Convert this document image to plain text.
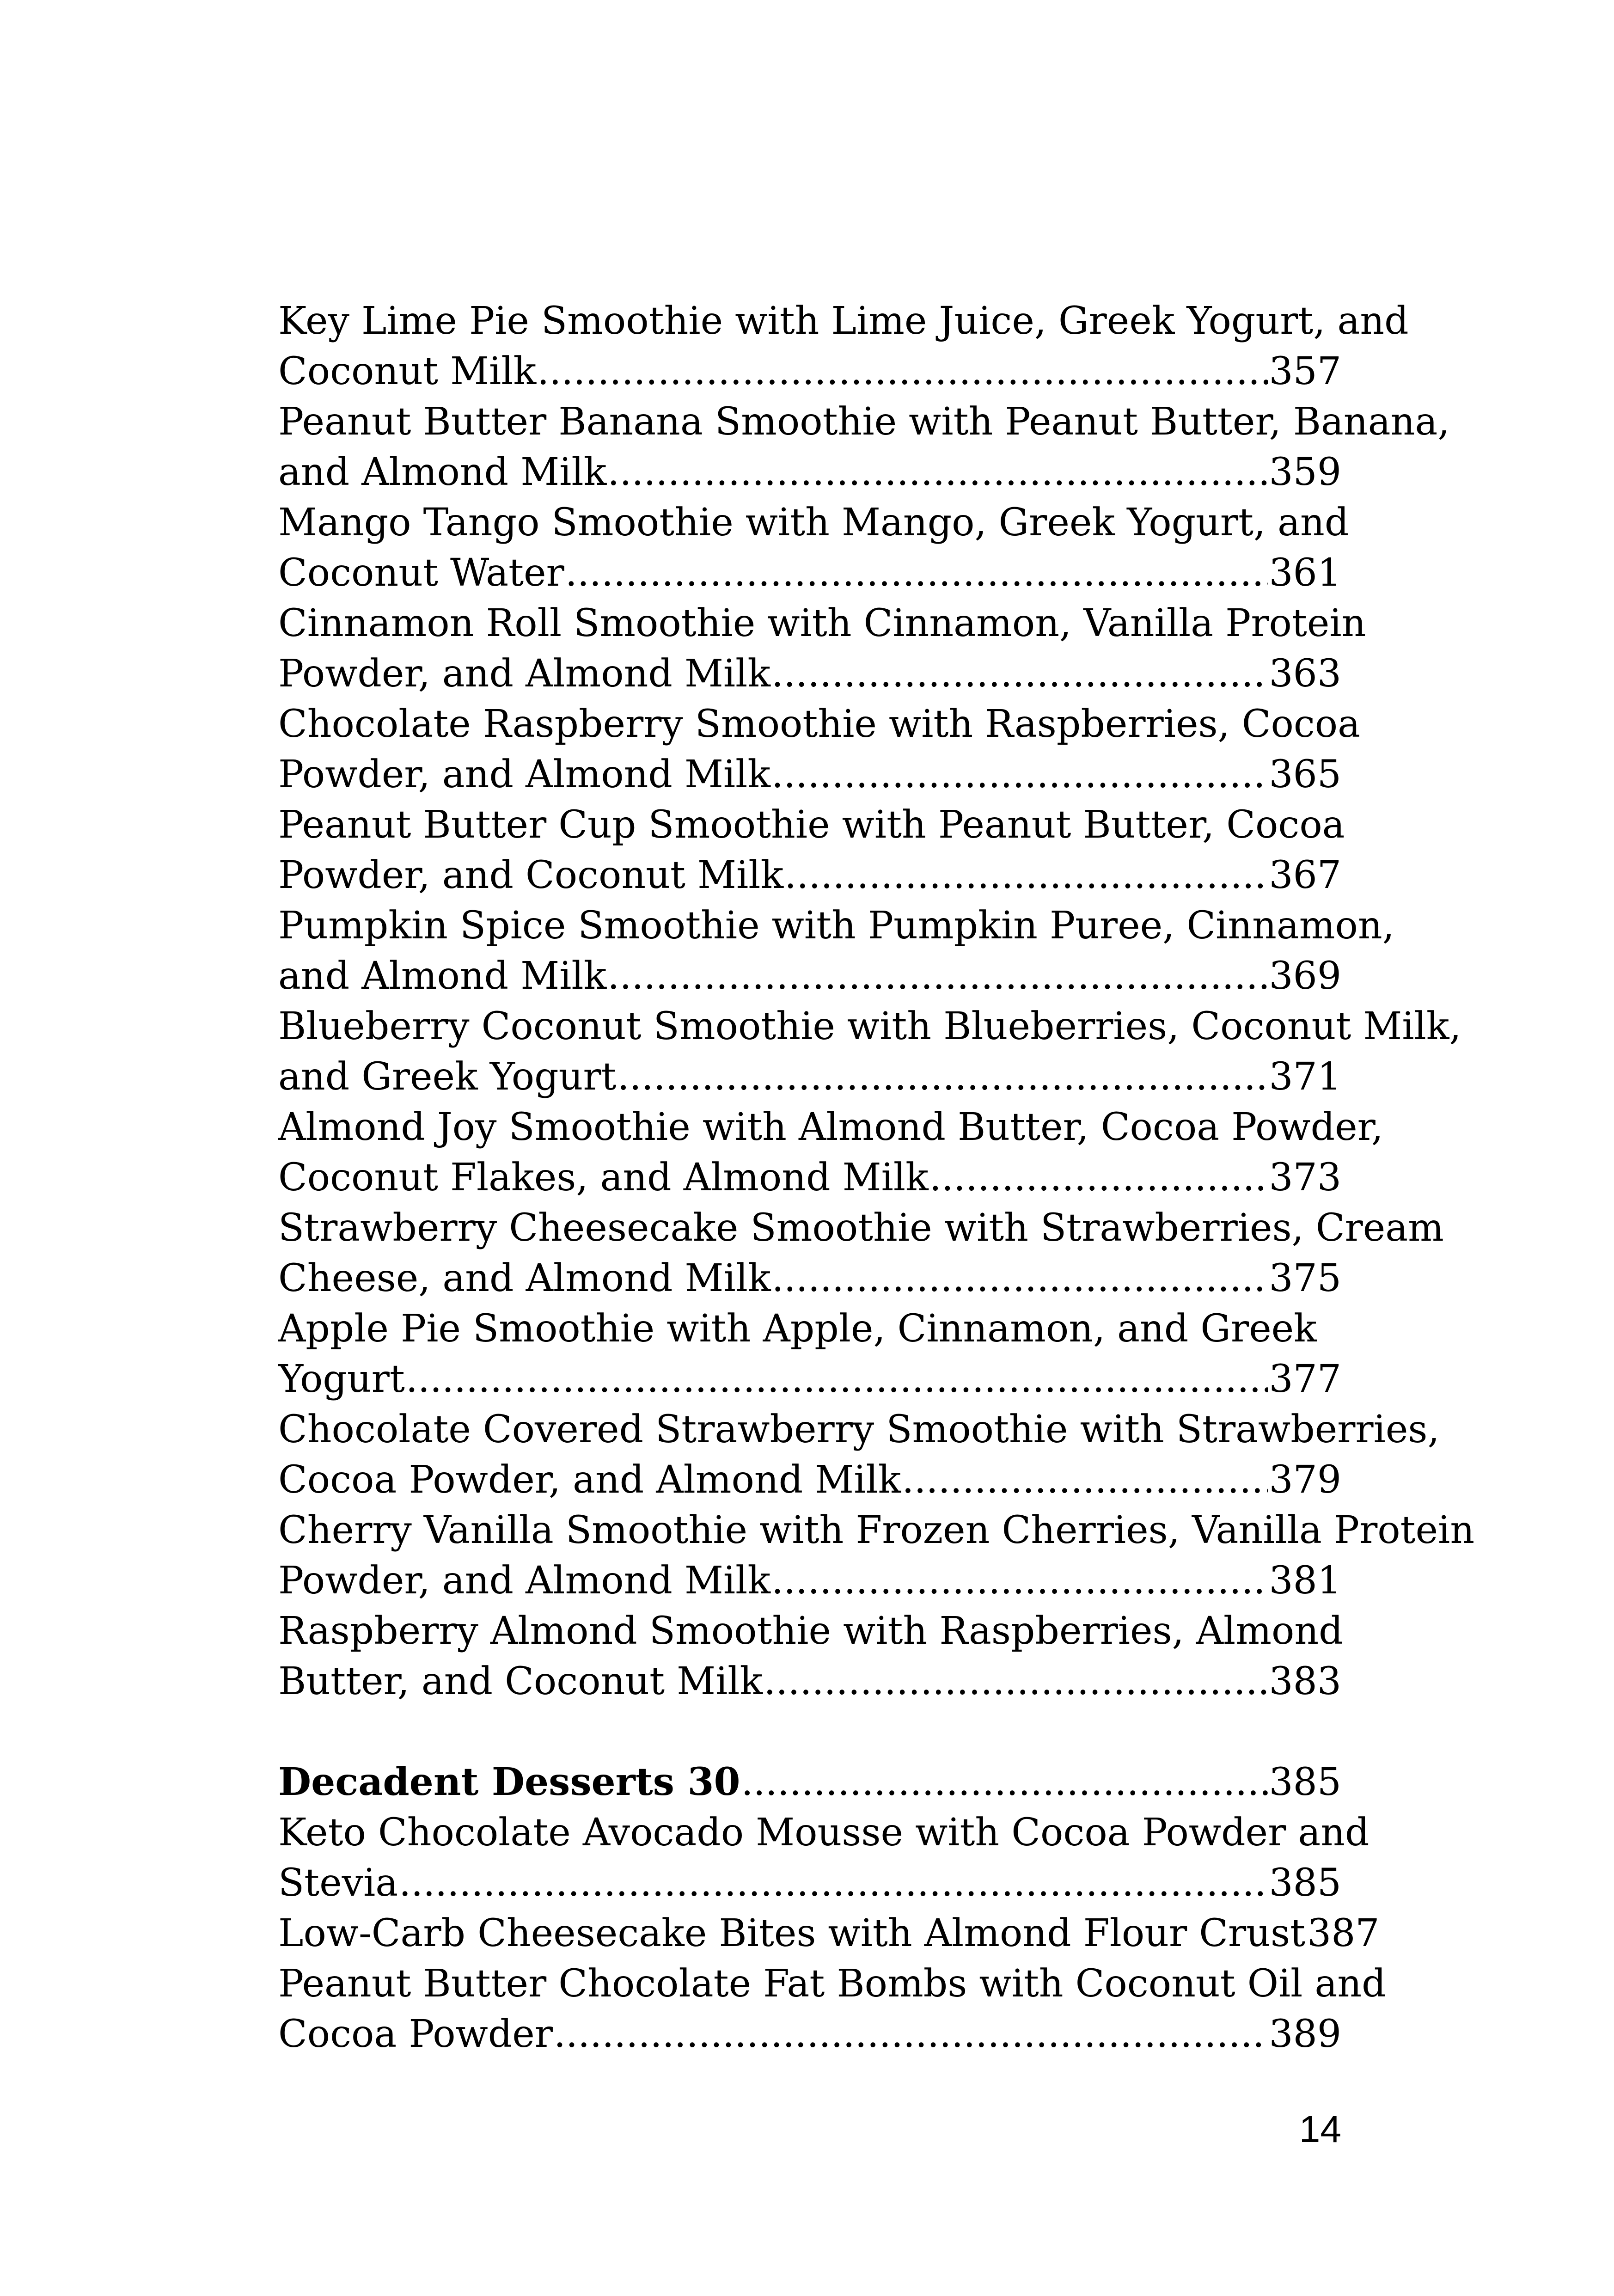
Key Lime Pie Smoothie with Lime Juice, Greek Yogurt, and
Coconut Milk .....	357
Peanut Butter Banana Smoothie with Peanut Butter, Banana,
and Almond Milk .....	359
Mango Tango Smoothie with Mango, Greek Yogurt, and
Coconut Water .....	361
Cinnamon Roll Smoothie with Cinnamon, Vanilla Protein
Powder, and Almond Milk .....	363
Chocolate Raspberry Smoothie with Raspberries, Cocoa
Powder, and Almond Milk .....	365
Peanut Butter Cup Smoothie with Peanut Butter, Cocoa
Powder, and Coconut Milk .....	367
Pumpkin Spice Smoothie with Pumpkin Puree, Cinnamon,
and Almond Milk .....	369
Blueberry Coconut Smoothie with Blueberries, Coconut Milk,
and Greek Yogurt .....	371
Almond Joy Smoothie with Almond Butter, Cocoa Powder,
Coconut Flakes, and Almond Milk .....	373
Strawberry Cheesecake Smoothie with Strawberries, Cream
Cheese, and Almond Milk .....	375
Apple Pie Smoothie with Apple, Cinnamon, and Greek
Yogurt .....	377
Chocolate Covered Strawberry Smoothie with Strawberries,
Cocoa Powder, and Almond Milk .....	379
Cherry Vanilla Smoothie with Frozen Cherries, Vanilla Protein
Powder, and Almond Milk .....	381
Raspberry Almond Smoothie with Raspberries, Almond
Butter, and Coconut Milk .....	383
Decadent Desserts 30 .....	385
Keto Chocolate Avocado Mousse with Cocoa Powder and
Stevia .....	385
Low-Carb Cheesecake Bites with Almond Flour Crust 387
Peanut Butter Chocolate Fat Bombs with Coconut Oil and
Cocoa Powder .....	389
14
